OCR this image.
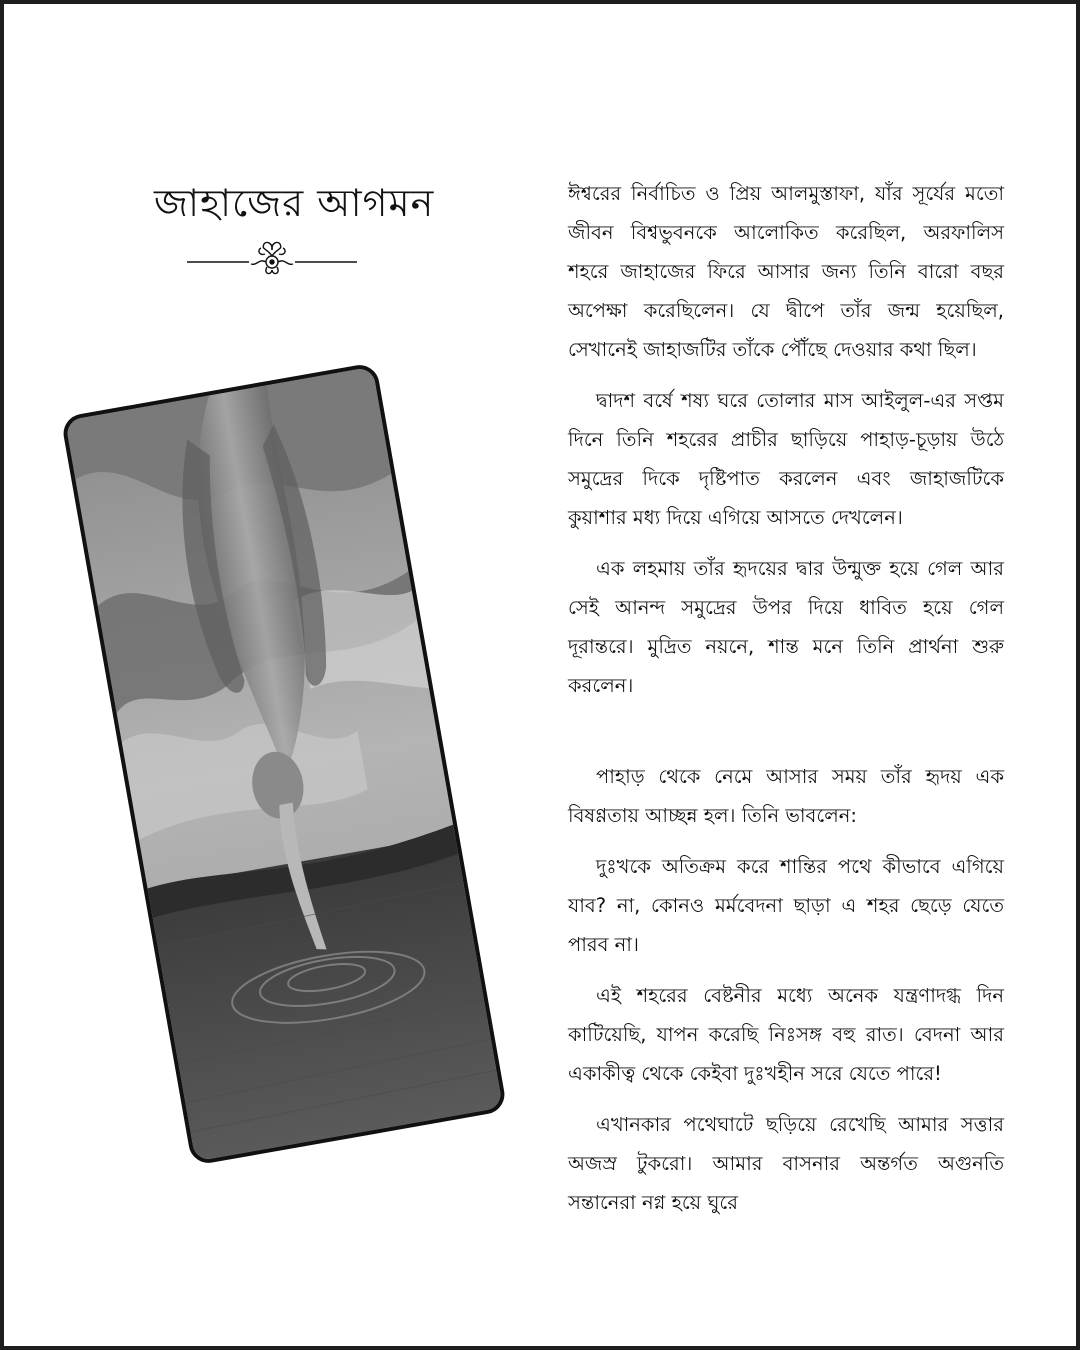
জাহাজের আগমন	ঈশ্বরের নির্বাচিত ও প্রিয় আলমুস্তাফা, যাঁর সূর্যের মতো জীবন বিশ্বভুবনকে আলোকিত করেছিল, অরফালিস শহরে জাহাজের ফিরে আসার জন্য তিনি বারো বছর অপেক্ষা করেছিলেন। যে দ্বীপে তাঁর জন্ম হয়েছিল, সেখানেই জাহাজটির তাঁকে পৌঁছে দেওয়ার কথা ছিল।

দ্বাদশ বর্ষে শষ্য ঘরে তোলার মাস আইলুল-এর সপ্তম দিনে তিনি শহরের প্রাচীর ছাড়িয়ে পাহাড়-চূড়ায় উঠে সমুদ্রের দিকে দৃষ্টিপাত করলেন এবং জাহাজটিকে কুয়াশার মধ্য দিয়ে এগিয়ে আসতে দেখলেন।

এক লহমায় তাঁর হৃদয়ের দ্বার উন্মুক্ত হয়ে গেল আর সেই আনন্দ সমুদ্রের উপর দিয়ে ধাবিত হয়ে গেল দূরান্তরে। মুদ্রিত নয়নে, শান্ত মনে তিনি প্রার্থনা শুরু করলেন।

পাহাড় থেকে নেমে আসার সময় তাঁর হৃদয় এক বিষণ্ণতায় আচ্ছন্ন হল। তিনি ভাবলেন:

দুঃখকে অতিক্রম করে শান্তির পথে কীভাবে এগিয়ে যাব? না, কোনও মর্মবেদনা ছাড়া এ শহর ছেড়ে যেতে পারব না।

এই শহরের বেষ্টনীর মধ্যে অনেক যন্ত্রণাদগ্ধ দিন কাটিয়েছি, যাপন করেছি নিঃসঙ্গ বহু রাত। বেদনা আর একাকীত্ব থেকে কেইবা দুঃখহীন সরে যেতে পারে!

এখানকার পথেঘাটে ছড়িয়ে রেখেছি আমার সত্তার অজস্র টুকরো। আমার বাসনার অন্তর্গত অগুনতি সন্তানেরা নগ্ন হয়ে ঘুরে
